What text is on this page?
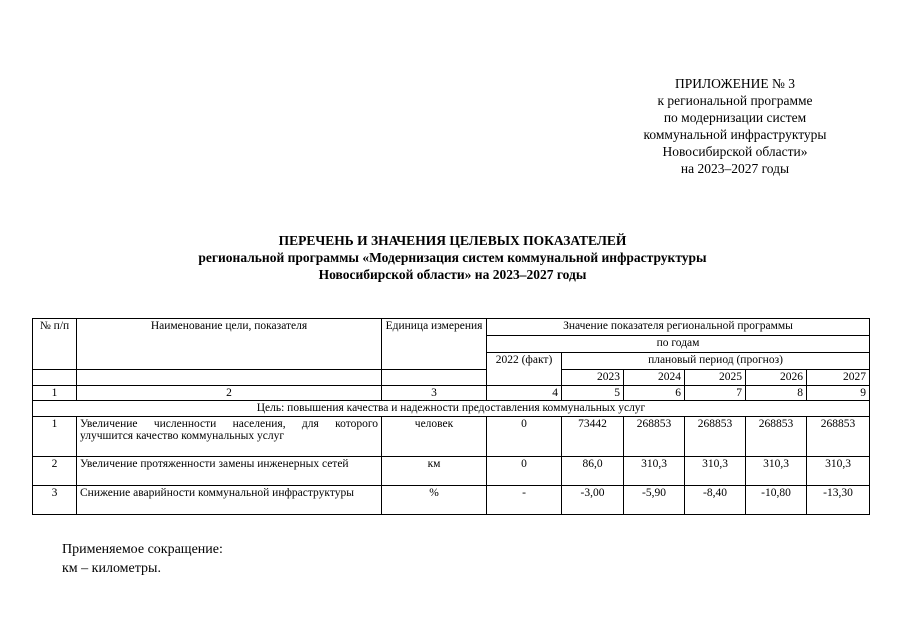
ПРИЛОЖЕНИЕ № 3
к региональной программе
по модернизации систем
коммунальной инфраструктуры
Новосибирской области»
на 2023–2027 годы
ПЕРЕЧЕНЬ И ЗНАЧЕНИЯ ЦЕЛЕВЫХ ПОКАЗАТЕЛЕЙ
региональной программы «Модернизация систем коммунальной инфраструктуры
Новосибирской области» на 2023–2027 годы
№ п/п	Наименование цели, показателя	Единица измерения	Значение показателя региональной программы					
			по годам					
			2022 (факт)	плановый период (прогноз)				
				2023	2024	2025	2026	2027
1	2	3	4	5	6	7	8	9
Цель: повышения качества и надежности предоставления коммунальных услуг								
1	Увеличение численности населения, для которого улучшится качество коммунальных услуг	человек	0	73442	268853	268853	268853	268853
2	Увеличение протяженности замены инженерных сетей	км	0	86,0	310,3	310,3	310,3	310,3
3	Снижение аварийности коммунальной инфраструктуры	%	-	-3,00	-5,90	-8,40	-10,80	-13,30
Применяемое сокращение:
км – километры.
